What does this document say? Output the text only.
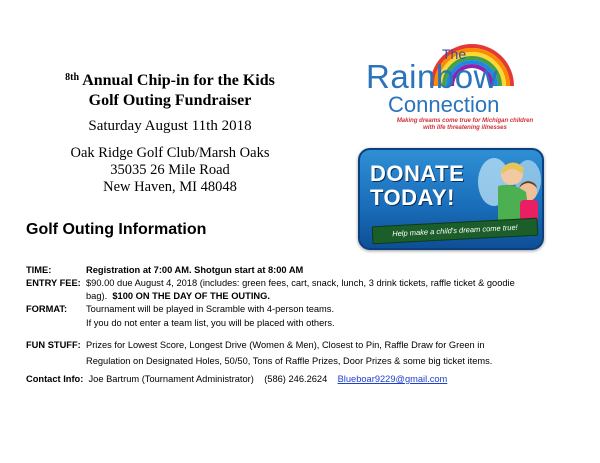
$^{8th}$ Annual Chip-in for the Kids
Golf Outing Fundraiser
Saturday August 11th 2018
Oak Ridge Golf Club/Marsh Oaks
35035 26 Mile Road
New Haven, MI 48048
The
Rainbow
Connection
Making dreams come true for Michigan children
with life threatening illnesses
DONATE
TODAY!
Help make a child's dream come true!
Golf Outing Information
TIME:	Registration at 7:00 AM. Shotgun start at 8:00 AM
ENTRY FEE: $90.00 due August 4, 2018 (includes: green fees, cart, snack, lunch, 3 drink tickets, raffle ticket & goodie
bag). $100 ON THE DAY OF THE OUTING.
FORMAT: Tournament will be played in Scramble with 4-person teams.
If you do not enter a team list, you will be placed with others.
FUN STUFF: Prizes for Lowest Score, Longest Drive (Women & Men), Closest to Pin, Raffle Draw for Green in
Regulation on Designated Holes, 50/50, Tons of Raffle Prizes, Door Prizes & some big ticket items.
Contact Info: Joe Bartrum (Tournament Administrator) (586) 246.2624 Blueboar9229@gmail.com
